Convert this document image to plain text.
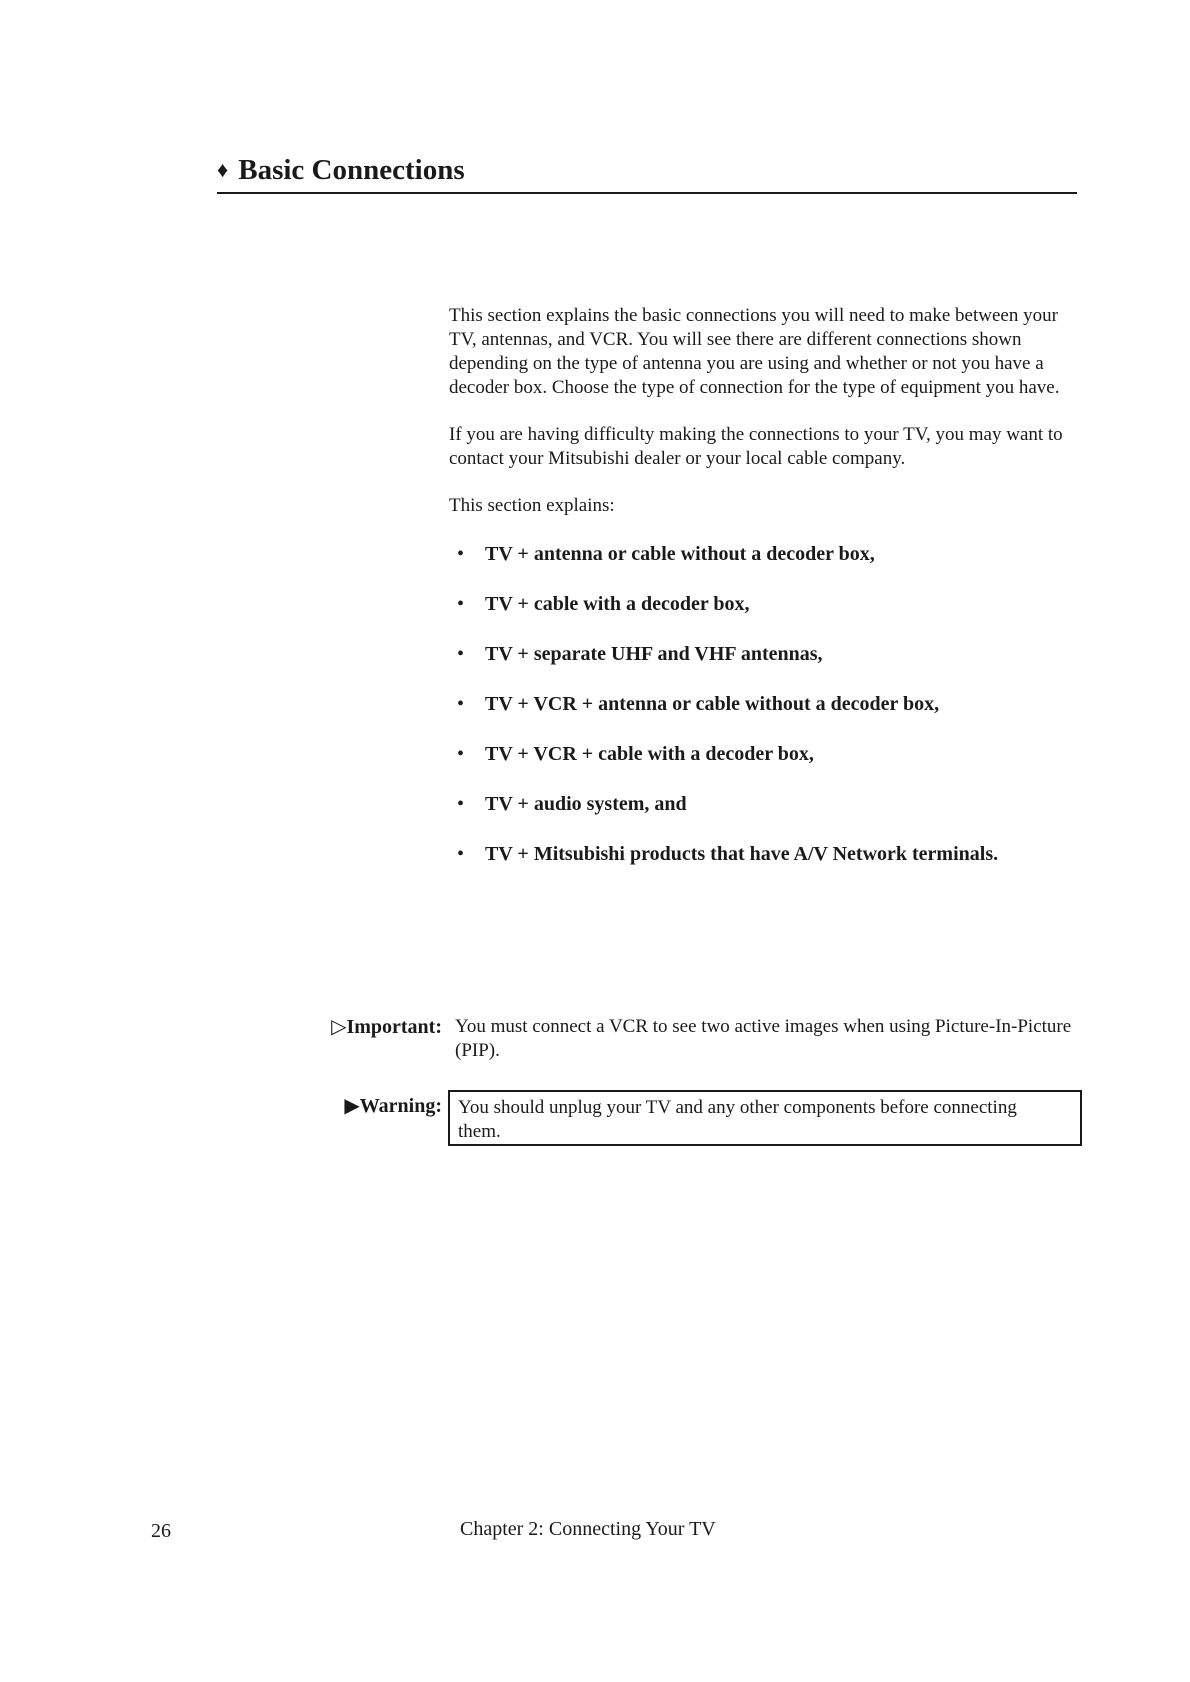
♦ Basic Connections

This section explains the basic connections you will need to make between your TV, antennas, and VCR. You will see there are different connections shown depending on the type of antenna you are using and whether or not you have a decoder box. Choose the type of connection for the type of equipment you have.

If you are having difficulty making the connections to your TV, you may want to contact your Mitsubishi dealer or your local cable company.

This section explains:

• TV + antenna or cable without a decoder box,
• TV + cable with a decoder box,
• TV + separate UHF and VHF antennas,
• TV + VCR + antenna or cable without a decoder box,
• TV + VCR + cable with a decoder box,
• TV + audio system, and
• TV + Mitsubishi products that have A/V Network terminals.
▷Important: You must connect a VCR to see two active images when using Picture-In-Picture (PIP).
▶Warning: You should unplug your TV and any other components before connecting them.
26	Chapter 2: Connecting Your TV
